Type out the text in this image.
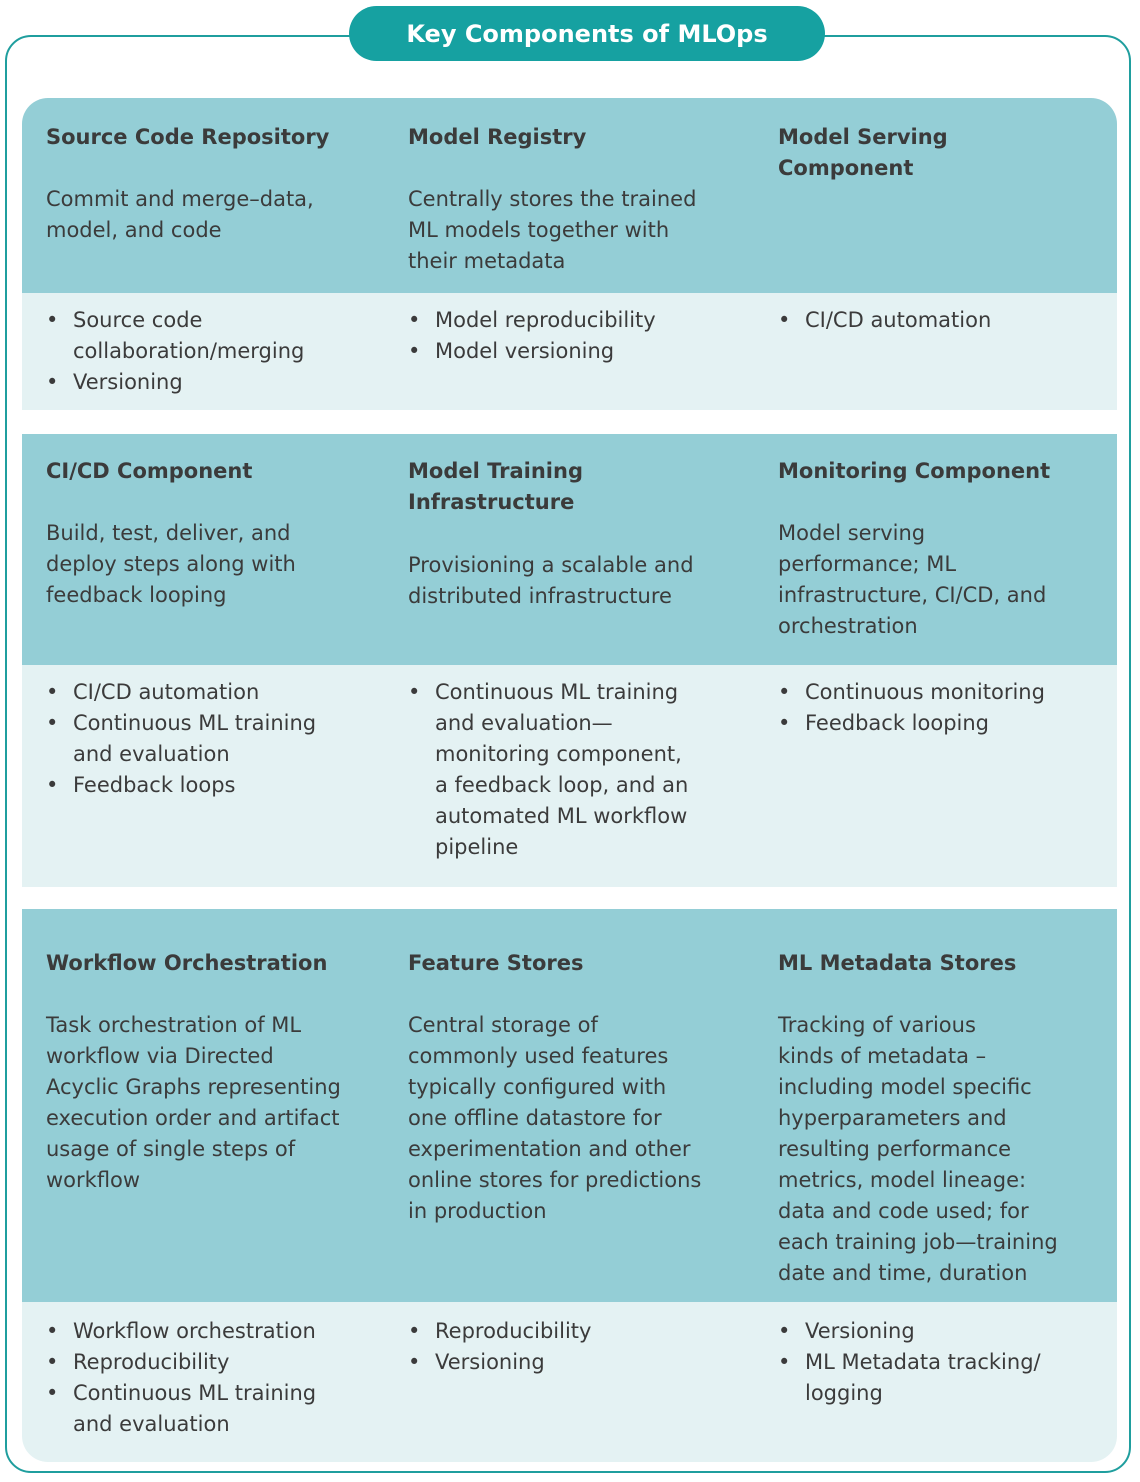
Key Components of MLOps
Source Code Repository
Commit and merge–data,
model, and code
Model Registry
Centrally stores the trained
ML models together with
their metadata
Model Serving
Component
• Source code
collaboration/merging
• Versioning
• Model reproducibility
• Model versioning
• CI/CD automation
CI/CD Component
Build, test, deliver, and
deploy steps along with
feedback looping
Model Training
Infrastructure
Provisioning a scalable and
distributed infrastructure
Monitoring Component
Model serving
performance; ML
infrastructure, CI/CD, and
orchestration
• CI/CD automation
• Continuous ML training
and evaluation
• Feedback loops
• Continuous ML training
and evaluation—
monitoring component,
a feedback loop, and an
automated ML workflow
pipeline
• Continuous monitoring
• Feedback looping
Workflow Orchestration
Task orchestration of ML
workflow via Directed
Acyclic Graphs representing
execution order and artifact
usage of single steps of
workflow
Feature Stores
Central storage of
commonly used features
typically configured with
one offline datastore for
experimentation and other
online stores for predictions
in production
ML Metadata Stores
Tracking of various
kinds of metadata –
including model specific
hyperparameters and
resulting performance
metrics, model lineage:
data and code used; for
each training job—training
date and time, duration
• Workflow orchestration
• Reproducibility
• Continuous ML training
and evaluation
• Reproducibility
• Versioning
• Versioning
• ML Metadata tracking/
logging
